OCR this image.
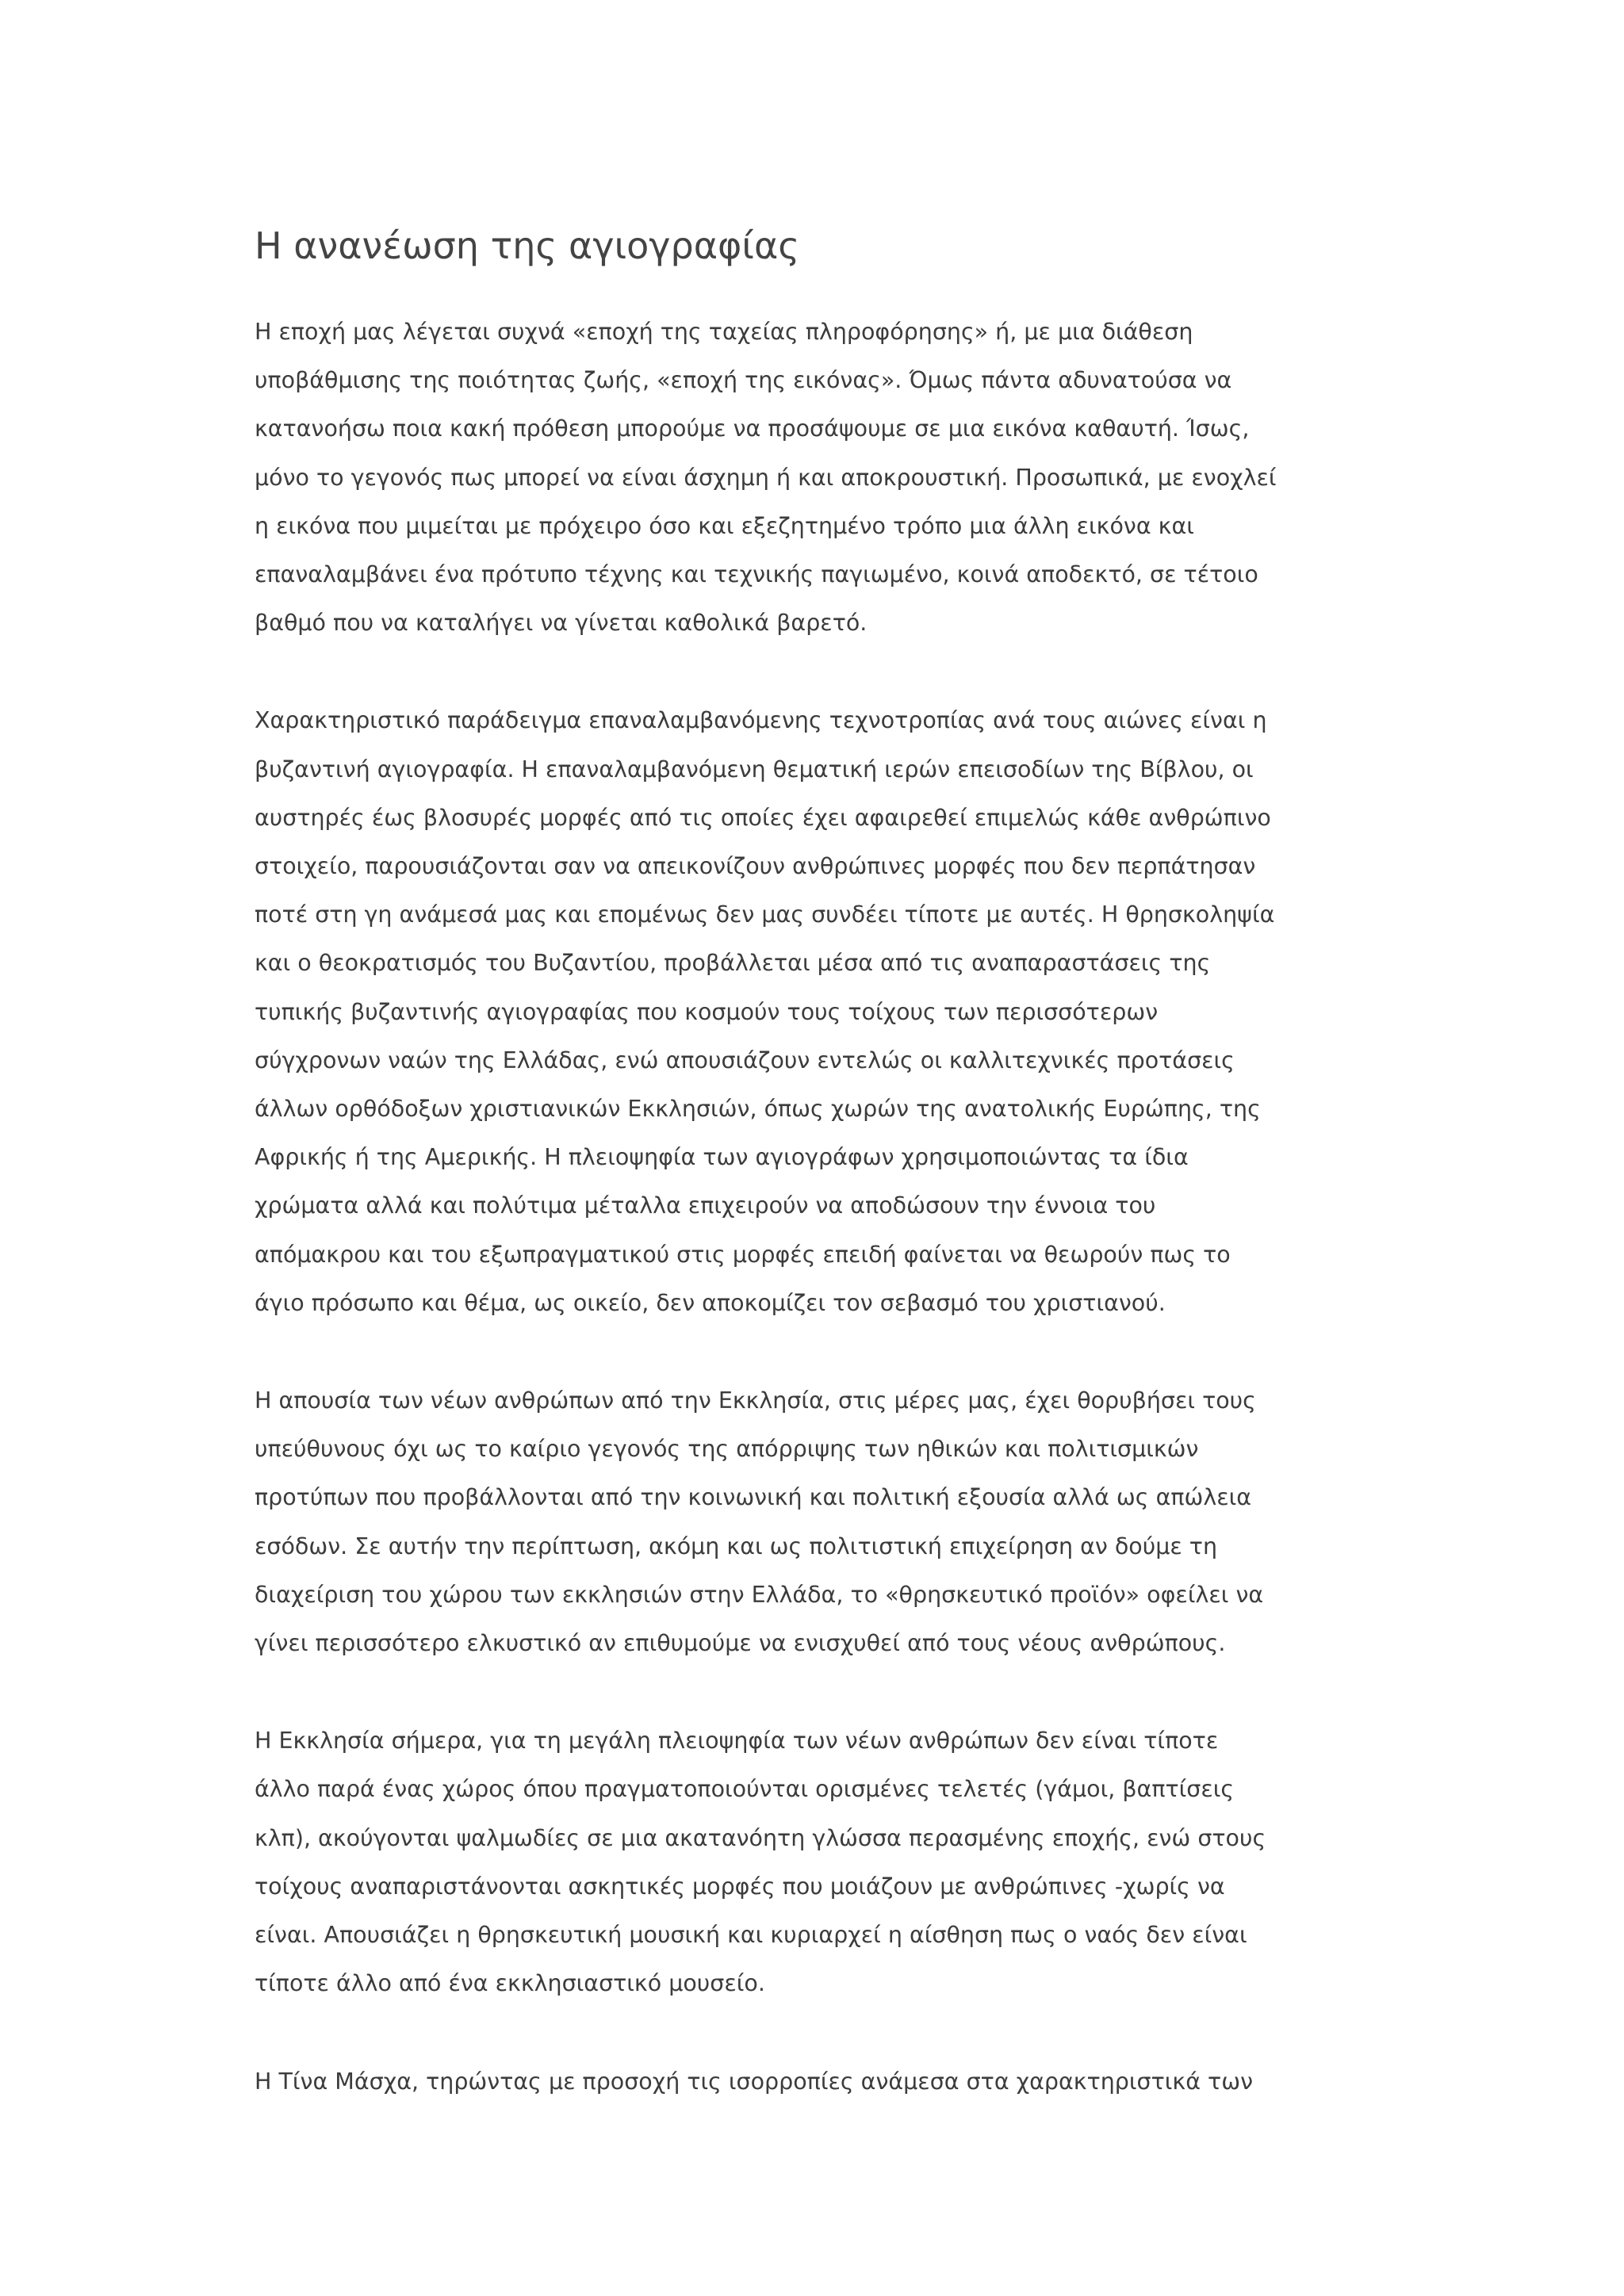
Η ανανέωση της αγιογραφίας

Η εποχή μας λέγεται συχνά «εποχή της ταχείας πληροφόρησης» ή, με μια διάθεση
υποβάθμισης της ποιότητας ζωής, «εποχή της εικόνας». Όμως πάντα αδυνατούσα να
κατανοήσω ποια κακή πρόθεση μπορούμε να προσάψουμε σε μια εικόνα καθαυτή. Ίσως,
μόνο το γεγονός πως μπορεί να είναι άσχημη ή και αποκρουστική. Προσωπικά, με ενοχλεί
η εικόνα που μιμείται με πρόχειρο όσο και εξεζητημένο τρόπο μια άλλη εικόνα και
επαναλαμβάνει ένα πρότυπο τέχνης και τεχνικής παγιωμένο, κοινά αποδεκτό, σε τέτοιο
βαθμό που να καταλήγει να γίνεται καθολικά βαρετό.

Χαρακτηριστικό παράδειγμα επαναλαμβανόμενης τεχνοτροπίας ανά τους αιώνες είναι η
βυζαντινή αγιογραφία. Η επαναλαμβανόμενη θεματική ιερών επεισοδίων της Βίβλου, οι
αυστηρές έως βλοσυρές μορφές από τις οποίες έχει αφαιρεθεί επιμελώς κάθε ανθρώπινο
στοιχείο, παρουσιάζονται σαν να απεικονίζουν ανθρώπινες μορφές που δεν περπάτησαν
ποτέ στη γη ανάμεσά μας και επομένως δεν μας συνδέει τίποτε με αυτές. Η θρησκοληψία
και ο θεοκρατισμός του Βυζαντίου, προβάλλεται μέσα από τις αναπαραστάσεις της
τυπικής βυζαντινής αγιογραφίας που κοσμούν τους τοίχους των περισσότερων
σύγχρονων ναών της Ελλάδας, ενώ απουσιάζουν εντελώς οι καλλιτεχνικές προτάσεις
άλλων ορθόδοξων χριστιανικών Εκκλησιών, όπως χωρών της ανατολικής Ευρώπης, της
Αφρικής ή της Αμερικής. Η πλειοψηφία των αγιογράφων χρησιμοποιώντας τα ίδια
χρώματα αλλά και πολύτιμα μέταλλα επιχειρούν να αποδώσουν την έννοια του
απόμακρου και του εξωπραγματικού στις μορφές επειδή φαίνεται να θεωρούν πως το
άγιο πρόσωπο και θέμα, ως οικείο, δεν αποκομίζει τον σεβασμό του χριστιανού.

Η απουσία των νέων ανθρώπων από την Εκκλησία, στις μέρες μας, έχει θορυβήσει τους
υπεύθυνους όχι ως το καίριο γεγονός της απόρριψης των ηθικών και πολιτισμικών
προτύπων που προβάλλονται από την κοινωνική και πολιτική εξουσία αλλά ως απώλεια
εσόδων. Σε αυτήν την περίπτωση, ακόμη και ως πολιτιστική επιχείρηση αν δούμε τη
διαχείριση του χώρου των εκκλησιών στην Ελλάδα, το «θρησκευτικό προϊόν» οφείλει να
γίνει περισσότερο ελκυστικό αν επιθυμούμε να ενισχυθεί από τους νέους ανθρώπους.

Η Εκκλησία σήμερα, για τη μεγάλη πλειοψηφία των νέων ανθρώπων δεν είναι τίποτε
άλλο παρά ένας χώρος όπου πραγματοποιούνται ορισμένες τελετές (γάμοι, βαπτίσεις
κλπ), ακούγονται ψαλμωδίες σε μια ακατανόητη γλώσσα περασμένης εποχής, ενώ στους
τοίχους αναπαριστάνονται ασκητικές μορφές που μοιάζουν με ανθρώπινες -χωρίς να
είναι. Απουσιάζει η θρησκευτική μουσική και κυριαρχεί η αίσθηση πως ο ναός δεν είναι
τίποτε άλλο από ένα εκκλησιαστικό μουσείο.

Η Τίνα Μάσχα, τηρώντας με προσοχή τις ισορροπίες ανάμεσα στα χαρακτηριστικά των
